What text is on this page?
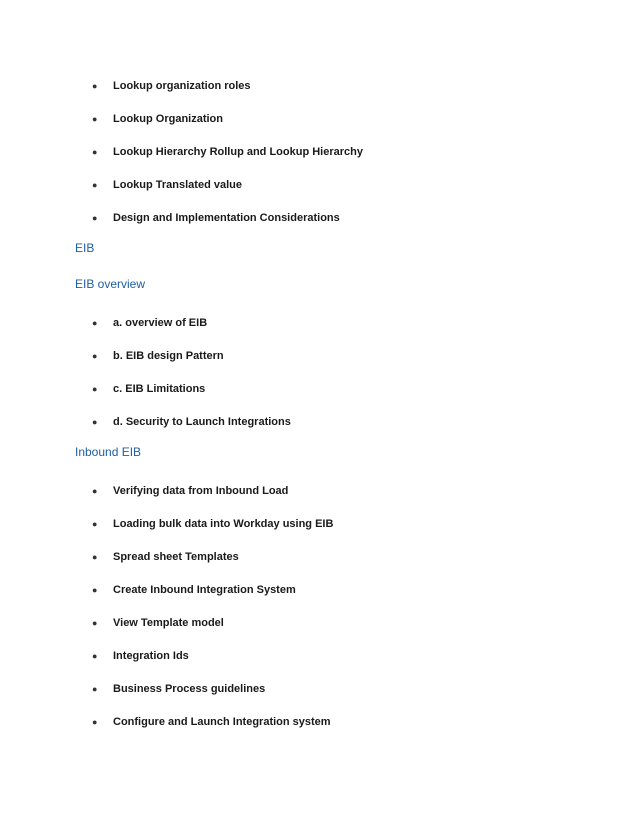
● Lookup organization roles
● Lookup Organization
● Lookup Hierarchy Rollup and Lookup Hierarchy
● Lookup Translated value
● Design and Implementation Considerations
EIB
EIB overview
● a. overview of EIB
● b. EIB design Pattern
● c. EIB Limitations
● d. Security to Launch Integrations
Inbound EIB
● Verifying data from Inbound Load
● Loading bulk data into Workday using EIB
● Spread sheet Templates
● Create Inbound Integration System
● View Template model
● Integration Ids
● Business Process guidelines
● Configure and Launch Integration system
